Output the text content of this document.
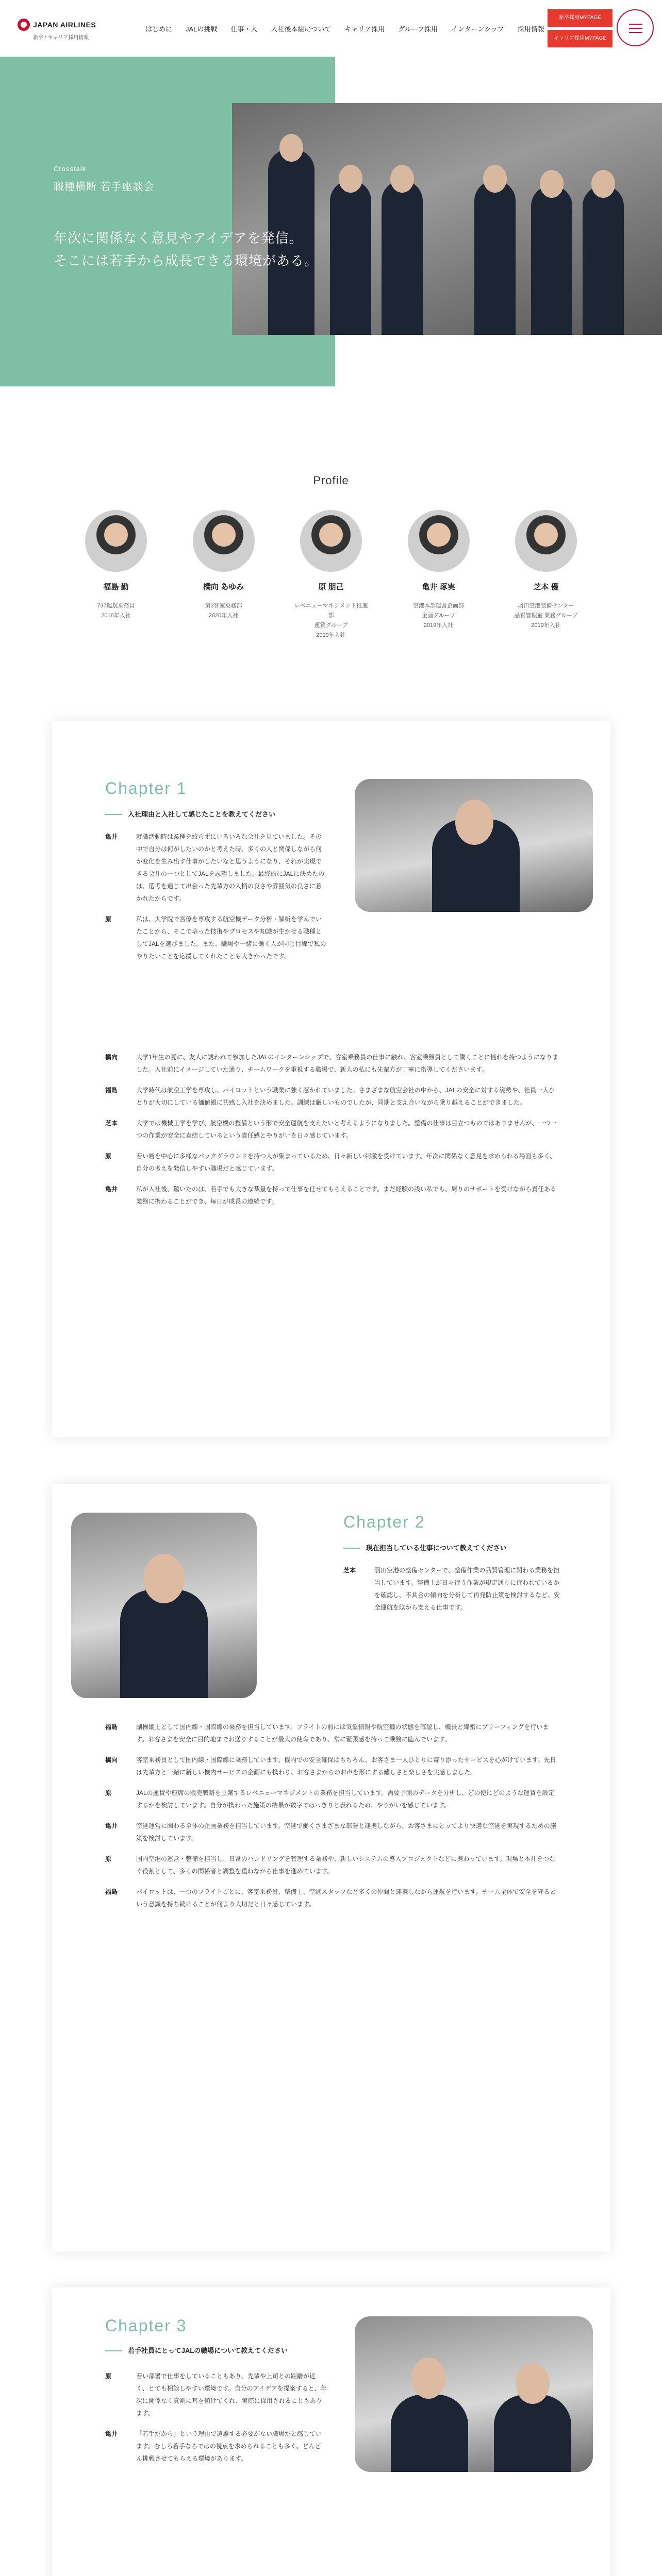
JAPAN AIRLINES
新卒 / キャリア採用情報
はじめに JALの挑戦 仕事・人 入社後本組について キャリア採用 グループ採用 インターンシップ 採用情報
新卒採用MYPAGE
キャリア採用MYPAGE
Crosstalk
職種横断 若手座談会
年次に関係なく意見やアイデアを発信。
そこには若手から成長できる環境がある。
Profile
福島 勤
737運航乗務員
2018年入社
橋向 あゆみ
第3客室乗務部
2020年入社
原 朋己
レベニューマネジメント推進部
運賃グループ
2019年入社
亀井 琢実
空港本部運営企画部
企画グループ
2019年入社
芝本 優
羽田空港整備センター
品質管理室 業務グループ
2019年入社
Chapter 1
入社理由と入社して感じたことを教えてください
亀井	就職活動時は業種を絞らずにいろいろな会社を見ていました。その中で自分は何がしたいのかと考えた時、多くの人と関係しながら何か変化を生み出す仕事がしたいなと思うようになり、それが実現できる会社の一つとしてJALを志望しました。最終的にJALに決めたのは、選考を通じて出会った先輩方の人柄の良さや雰囲気の良さに惹かれたからです。
原	私は、大学院で宮僚を専攻する航空機データ分析・解析を学んでいたことから、そこで培った技術やプロセスや知識が生かせる職種としてJALを選びました。また、職場や一緒に働く人が同じ目線で私のやりたいことを応援してくれたことも大きかったです。
橋向	大学1年生の夏に、友人に誘われて参加したJALのインターンシップで、客室乗務員の仕事に触れ、客室乗務員として働くことに憧れを持つようになりました。入社前にイメージしていた通り、チームワークを重視する職場で、新人の私にも先輩方が丁寧に指導してくださいます。
福島	大学時代は航空工学を専攻し、パイロットという職業に強く惹かれていました。さまざまな航空会社の中から、JALの安全に対する姿勢や、社員一人ひとりが大切にしている価値観に共感し入社を決めました。訓練は厳しいものでしたが、同期と支え合いながら乗り越えることができました。
芝本	大学では機械工学を学び、航空機の整備という形で安全運航を支えたいと考えるようになりました。整備の仕事は目立つものではありませんが、一つ一つの作業が安全に直結しているという責任感とやりがいを日々感じています。
原	若い層を中心に多様なバックグラウンドを持つ人が集まっているため、日々新しい刺激を受けています。年次に関係なく意見を求められる場面も多く、自分の考えを発信しやすい職場だと感じています。
亀井	私が入社後、驚いたのは、若手でも大きな裁量を持って仕事を任せてもらえることです。まだ経験の浅い私でも、周りのサポートを受けながら責任ある業務に携わることができ、毎日が成長の連続です。
Chapter 2
現在担当している仕事について教えてください
芝本	羽田空港の整備センターで、整備作業の品質管理に関わる業務を担当しています。整備士が日々行う作業が規定通りに行われているかを確認し、不具合の傾向を分析して再発防止策を検討するなど、安全運航を陰から支える仕事です。
福島	副操縦士として国内線・国際線の乗務を担当しています。フライトの前には気象情報や航空機の状態を確認し、機長と綿密にブリーフィングを行います。お客さまを安全に目的地までお送りすることが最大の使命であり、常に緊張感を持って乗務に臨んでいます。
橋向	客室乗務員として国内線・国際線に乗務しています。機内での安全確保はもちろん、お客さま一人ひとりに寄り添ったサービスを心がけています。先日は先輩方と一緒に新しい機内サービスの企画にも携わり、お客さまからのお声を形にする難しさと楽しさを実感しました。
原	JALの運賃や座席の販売戦略を立案するレベニューマネジメントの業務を担当しています。需要予測のデータを分析し、どの便にどのような運賃を設定するかを検討しています。自分が携わった施策の結果が数字ではっきりと表れるため、やりがいを感じています。
亀井	空港運営に関わる全体の企画業務を担当しています。空港で働くさまざまな部署と連携しながら、お客さまにとってより快適な空港を実現するための施策を検討しています。
原	国内空港の運営・整備を担当し、日常のハンドリングを管理する業務や、新しいシステムの導入プロジェクトなどに携わっています。現場と本社をつなぐ役割として、多くの関係者と調整を重ねながら仕事を進めています。
福島	パイロットは、一つのフライトごとに、客室乗務員、整備士、空港スタッフなど多くの仲間と連携しながら運航を行います。チーム全体で安全を守るという意識を持ち続けることが何より大切だと日々感じています。
Chapter 3
若手社員にとってJALの職場について教えてください
原	若い部署で仕事をしていることもあり、先輩や上司との距離が近く、とても相談しやすい環境です。自分のアイデアを提案すると、年次に関係なく真剣に耳を傾けてくれ、実際に採用されることもあります。
亀井	「若手だから」という理由で遠慮する必要がない職場だと感じています。むしろ若手ならではの視点を求められることも多く、どんどん挑戦させてもらえる環境があります。
